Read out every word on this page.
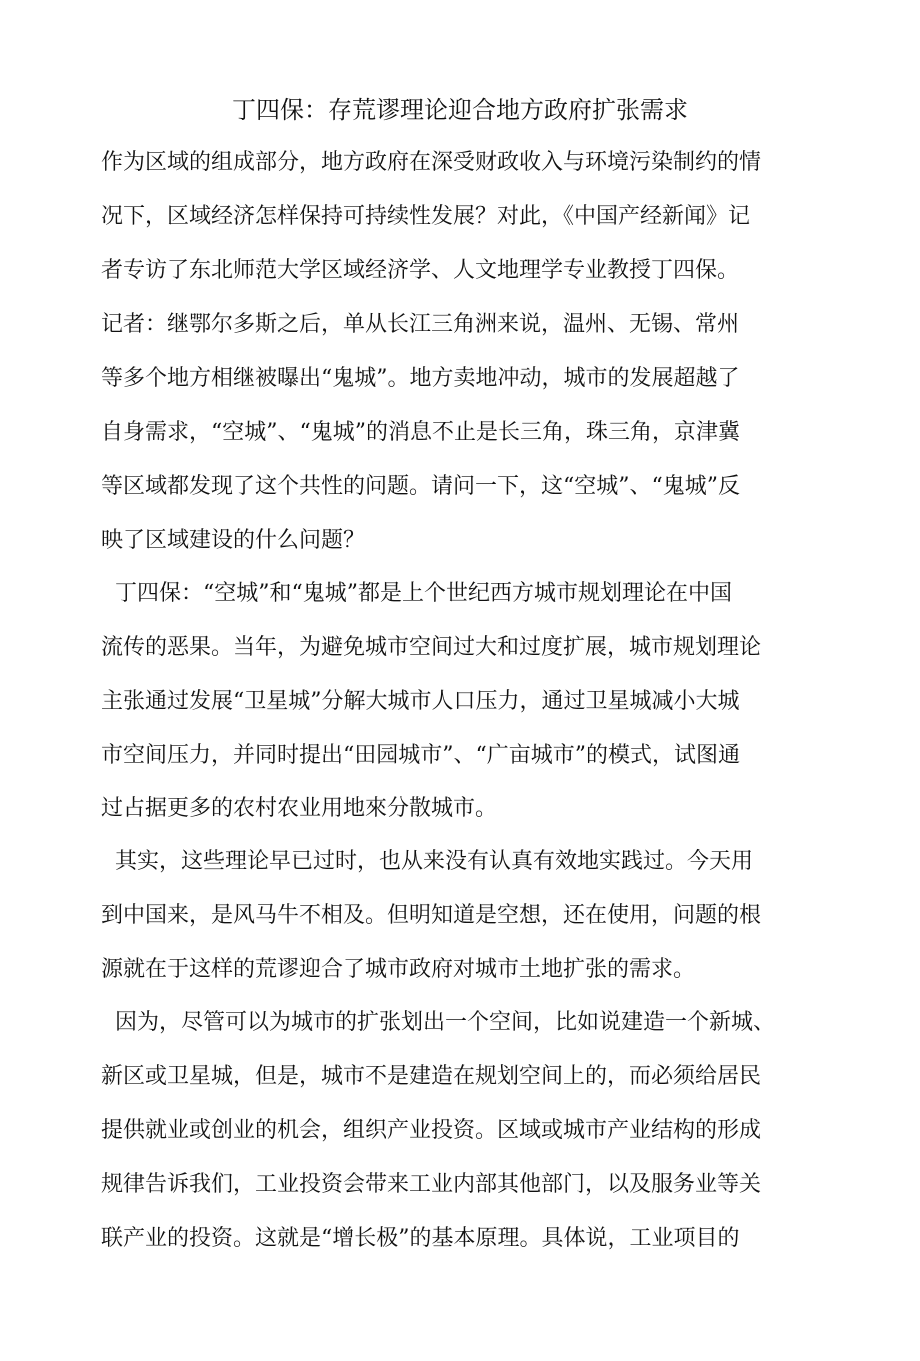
丁四保：存荒谬理论迎合地方政府扩张需求
作为区域的组成部分，地方政府在深受财政收入与环境污染制约的情
况下，区域经济怎样保持可持续性发展？对此，《中国产经新闻》记
者专访了东北师范大学区域经济学、人文地理学专业教授丁四保。
记者：继鄂尔多斯之后，单从长江三角洲来说，温州、无锡、常州
等多个地方相继被曝出“鬼城”。地方卖地冲动，城市的发展超越了
自身需求，“空城”、“鬼城”的消息不止是长三角，珠三角，京津冀
等区域都发现了这个共性的问题。请问一下，这“空城”、“鬼城”反
映了区域建设的什么问题？
丁四保：“空城”和“鬼城”都是上个世纪西方城市规划理论在中国
流传的恶果。当年，为避免城市空间过大和过度扩展，城市规划理论
主张通过发展“卫星城”分解大城市人口压力，通过卫星城减小大城
市空间压力，并同时提出“田园城市”、“广亩城市”的模式，试图通
过占据更多的农村农业用地來分散城市。
其实，这些理论早已过时，也从来没有认真有效地实践过。今天用
到中国来，是风马牛不相及。但明知道是空想，还在使用，问题的根
源就在于这样的荒谬迎合了城市政府对城市土地扩张的需求。
因为，尽管可以为城市的扩张划出一个空间，比如说建造一个新城、
新区或卫星城，但是，城市不是建造在规划空间上的，而必须给居民
提供就业或创业的机会，组织产业投资。区域或城市产业结构的形成
规律告诉我们，工业投资会带来工业内部其他部门，以及服务业等关
联产业的投资。这就是“增长极”的基本原理。具体说，工业项目的
